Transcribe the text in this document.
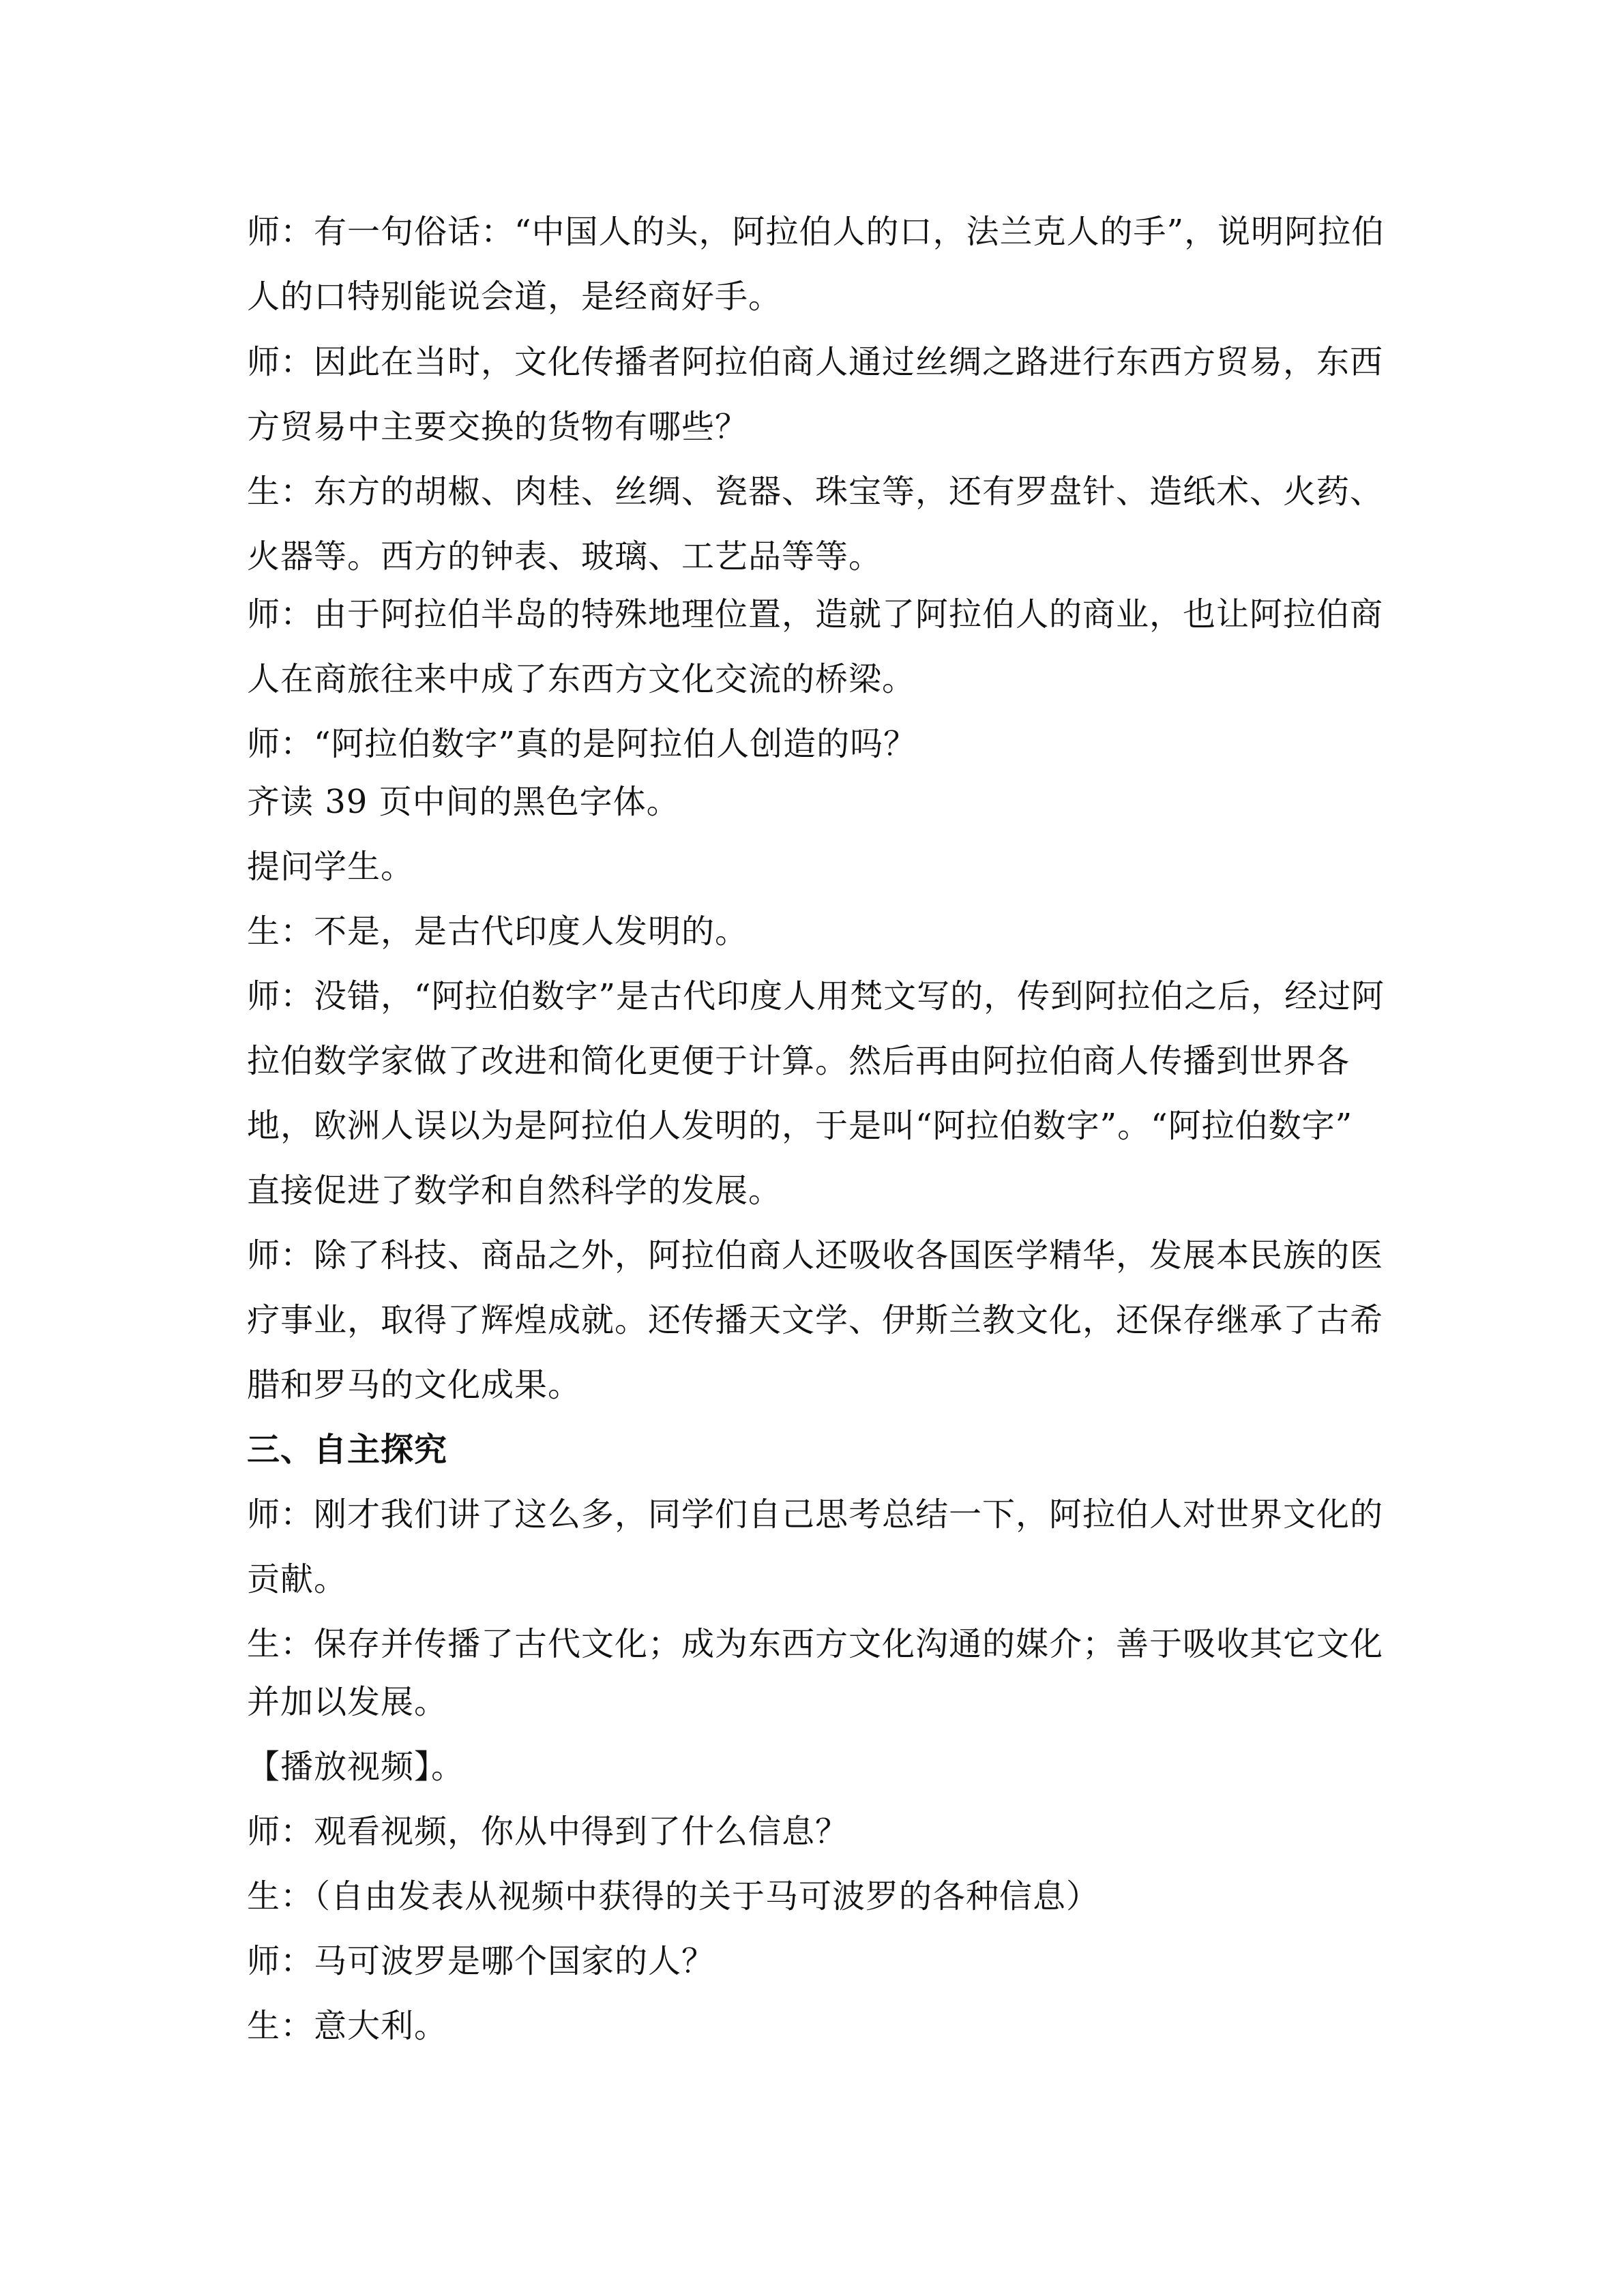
师：有一句俗话：“中国人的头，阿拉伯人的口，法兰克人的手”，说明阿拉伯
人的口特别能说会道，是经商好手。
师：因此在当时，文化传播者阿拉伯商人通过丝绸之路进行东西方贸易，东西
方贸易中主要交换的货物有哪些？
生：东方的胡椒、肉桂、丝绸、瓷器、珠宝等，还有罗盘针、造纸术、火药、
火器等。西方的钟表、玻璃、工艺品等等。
师：由于阿拉伯半岛的特殊地理位置，造就了阿拉伯人的商业，也让阿拉伯商
人在商旅往来中成了东西方文化交流的桥梁。
师：“阿拉伯数字”真的是阿拉伯人创造的吗？
齐读 39 页中间的黑色字体。
提问学生。
生：不是，是古代印度人发明的。
师：没错，“阿拉伯数字”是古代印度人用梵文写的，传到阿拉伯之后，经过阿
拉伯数学家做了改进和简化更便于计算。然后再由阿拉伯商人传播到世界各
地，欧洲人误以为是阿拉伯人发明的，于是叫“阿拉伯数字”。“阿拉伯数字”
直接促进了数学和自然科学的发展。
师：除了科技、商品之外，阿拉伯商人还吸收各国医学精华，发展本民族的医
疗事业，取得了辉煌成就。还传播天文学、伊斯兰教文化，还保存继承了古希
腊和罗马的文化成果。
三、自主探究
师：刚才我们讲了这么多，同学们自己思考总结一下，阿拉伯人对世界文化的
贡献。
生：保存并传播了古代文化；成为东西方文化沟通的媒介；善于吸收其它文化
并加以发展。
【播放视频】。
师：观看视频，你从中得到了什么信息？
生：（自由发表从视频中获得的关于马可波罗的各种信息）
师：马可波罗是哪个国家的人？
生：意大利。
